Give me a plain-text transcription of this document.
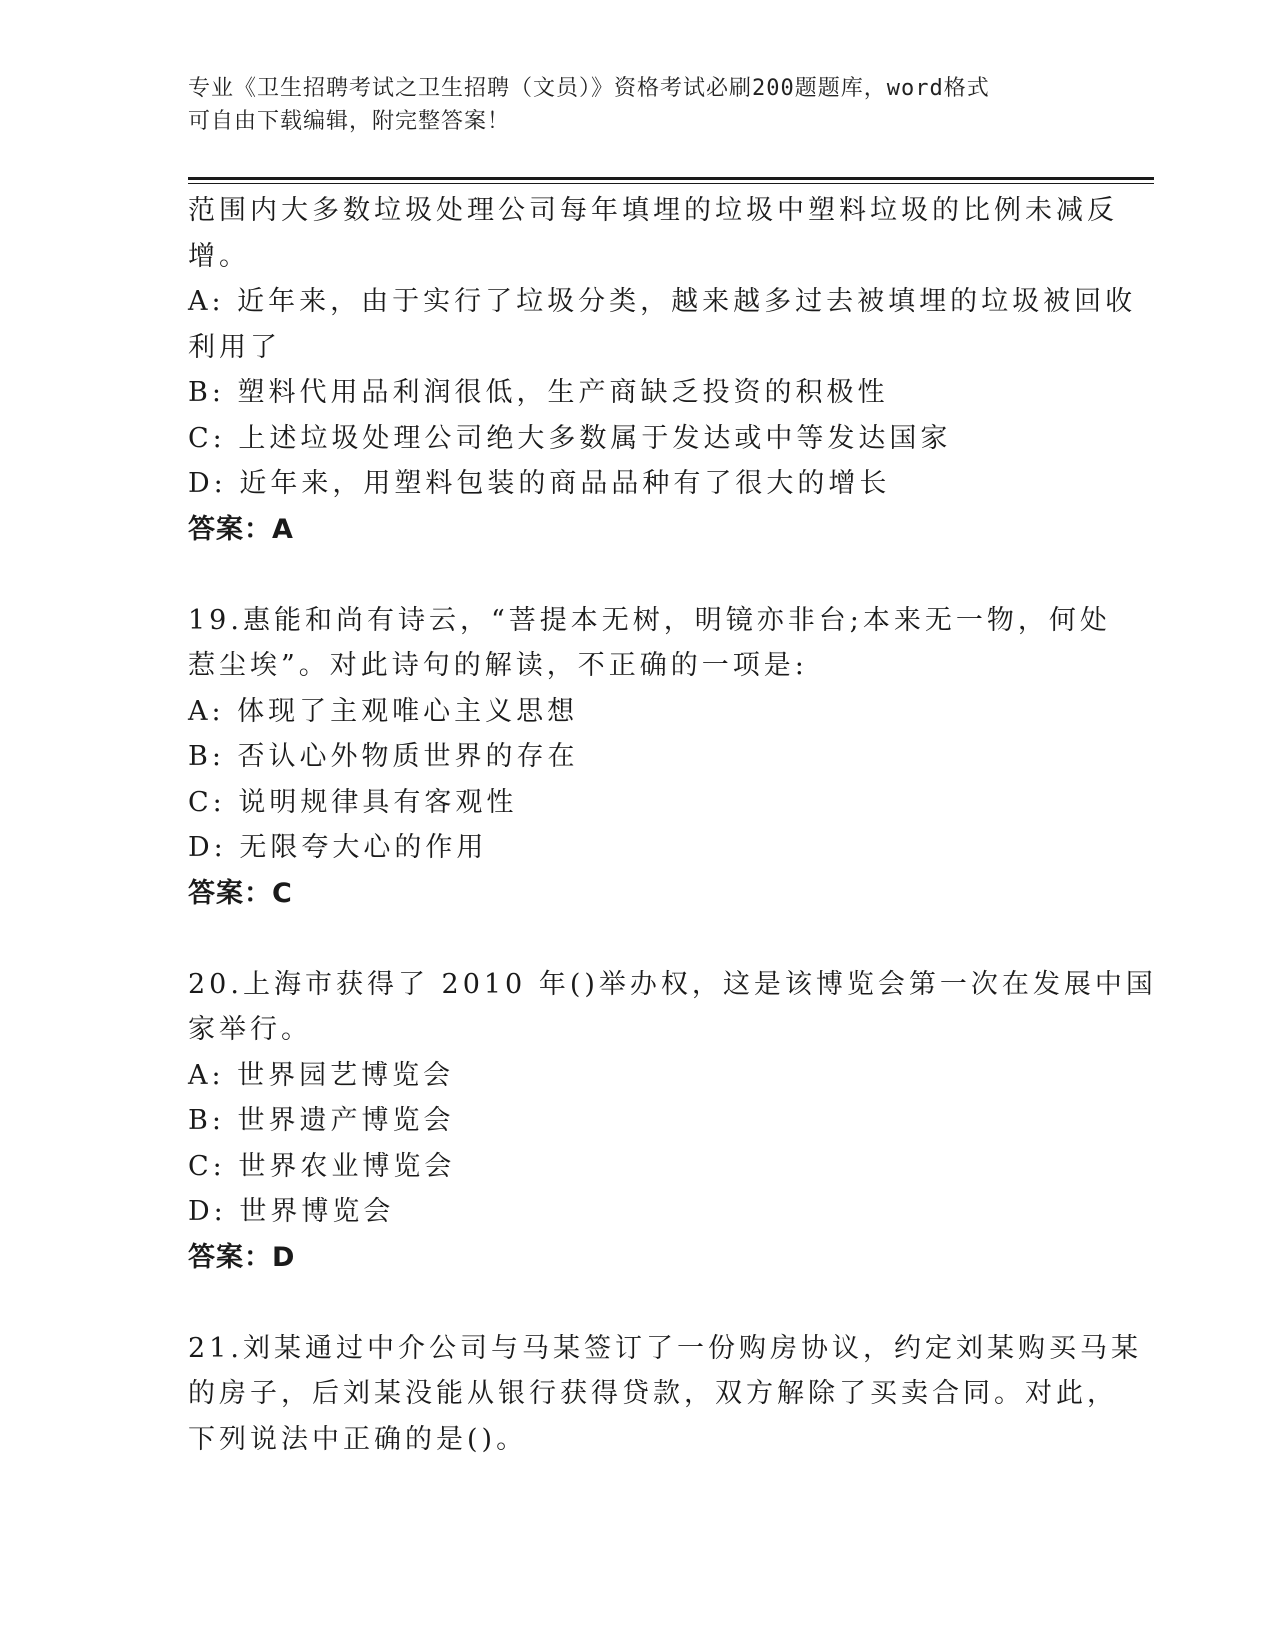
专业《卫生招聘考试之卫生招聘（文员）》资格考试必刷200题题库，word格式
可自由下载编辑，附完整答案！
范围内大多数垃圾处理公司每年填埋的垃圾中塑料垃圾的比例未减反
增。
A: 近年来，由于实行了垃圾分类，越来越多过去被填埋的垃圾被回收
利用了
B: 塑料代用品利润很低，生产商缺乏投资的积极性
C: 上述垃圾处理公司绝大多数属于发达或中等发达国家
D: 近年来，用塑料包装的商品品种有了很大的增长
答案：A
19.惠能和尚有诗云，“菩提本无树，明镜亦非台;本来无一物，何处
惹尘埃”。对此诗句的解读，不正确的一项是:
A: 体现了主观唯心主义思想
B: 否认心外物质世界的存在
C: 说明规律具有客观性
D: 无限夸大心的作用
答案：C
20.上海市获得了 2010 年()举办权，这是该博览会第一次在发展中国
家举行。
A: 世界园艺博览会
B: 世界遗产博览会
C: 世界农业博览会
D: 世界博览会
答案：D
21.刘某通过中介公司与马某签订了一份购房协议，约定刘某购买马某
的房子，后刘某没能从银行获得贷款，双方解除了买卖合同。对此，
下列说法中正确的是()。
